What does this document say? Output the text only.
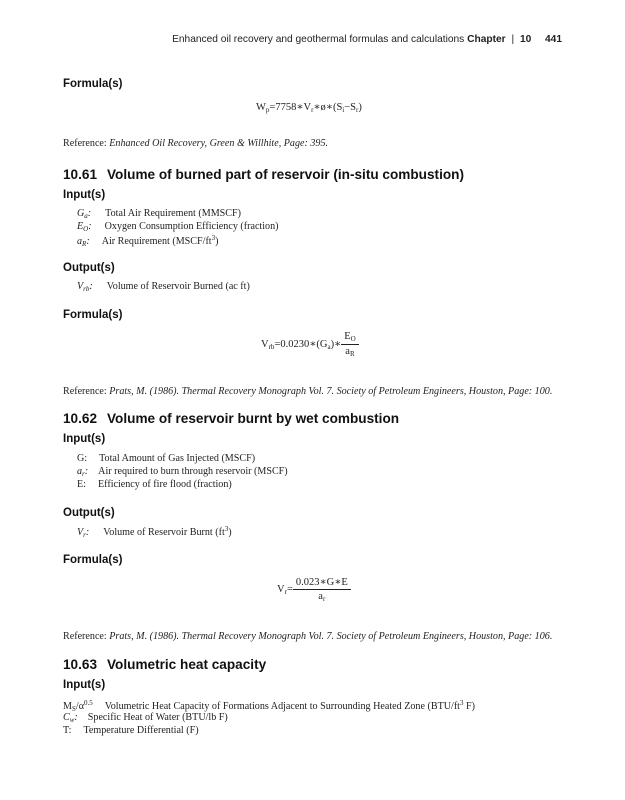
Enhanced oil recovery and geothermal formulas and calculations Chapter | 10 441
Formula(s)
$W_p=7758∗V_r∗ø∗(S_i-S_r)$
Reference: Enhanced Oil Recovery, Green & Willhite, Page: 395.
10.61 Volume of burned part of reservoir (in-situ combustion)
Input(s)
$G_a$: Total Air Requirement (MMSCF)
$E_O$: Oxygen Consumption Efficiency (fraction)
$a_R$: Air Requirement $(MSCF/ft^3)$
Output(s)
$V_{rb}$: Volume of Reservoir Burned (ac ft)
Formula(s)
$V_{rb}=0.0230∗(G_a)∗ \frac{E_O}{a_R}$
Reference: Prats, M. (1986). Thermal Recovery Monograph Vol. 7. Society of Petroleum Engineers, Houston, Page: 100.
10.62 Volume of reservoir burnt by wet combustion
Input(s)
G: Total Amount of Gas Injected (MSCF)
$a_r$: Air required to burn through reservoir (MSCF)
E: Efficiency of fire flood (fraction)
Output(s)
$V_r$: Volume of Reservoir Burnt $(ft^3)$
Formula(s)
$V_r= \frac{0.023∗G∗E}{a_r}$
Reference: Prats, M. (1986). Thermal Recovery Monograph Vol. 7. Society of Petroleum Engineers, Houston, Page: 106.
10.63 Volumetric heat capacity
Input(s)
$M_S/\alpha^{0.5}$ Volumetric Heat Capacity of Formations Adjacent to Surrounding Heated Zone ($BTU/ft^3$ F)
$C_w$: Specific Heat of Water (BTU/lb F)
T: Temperature Differential (F)
